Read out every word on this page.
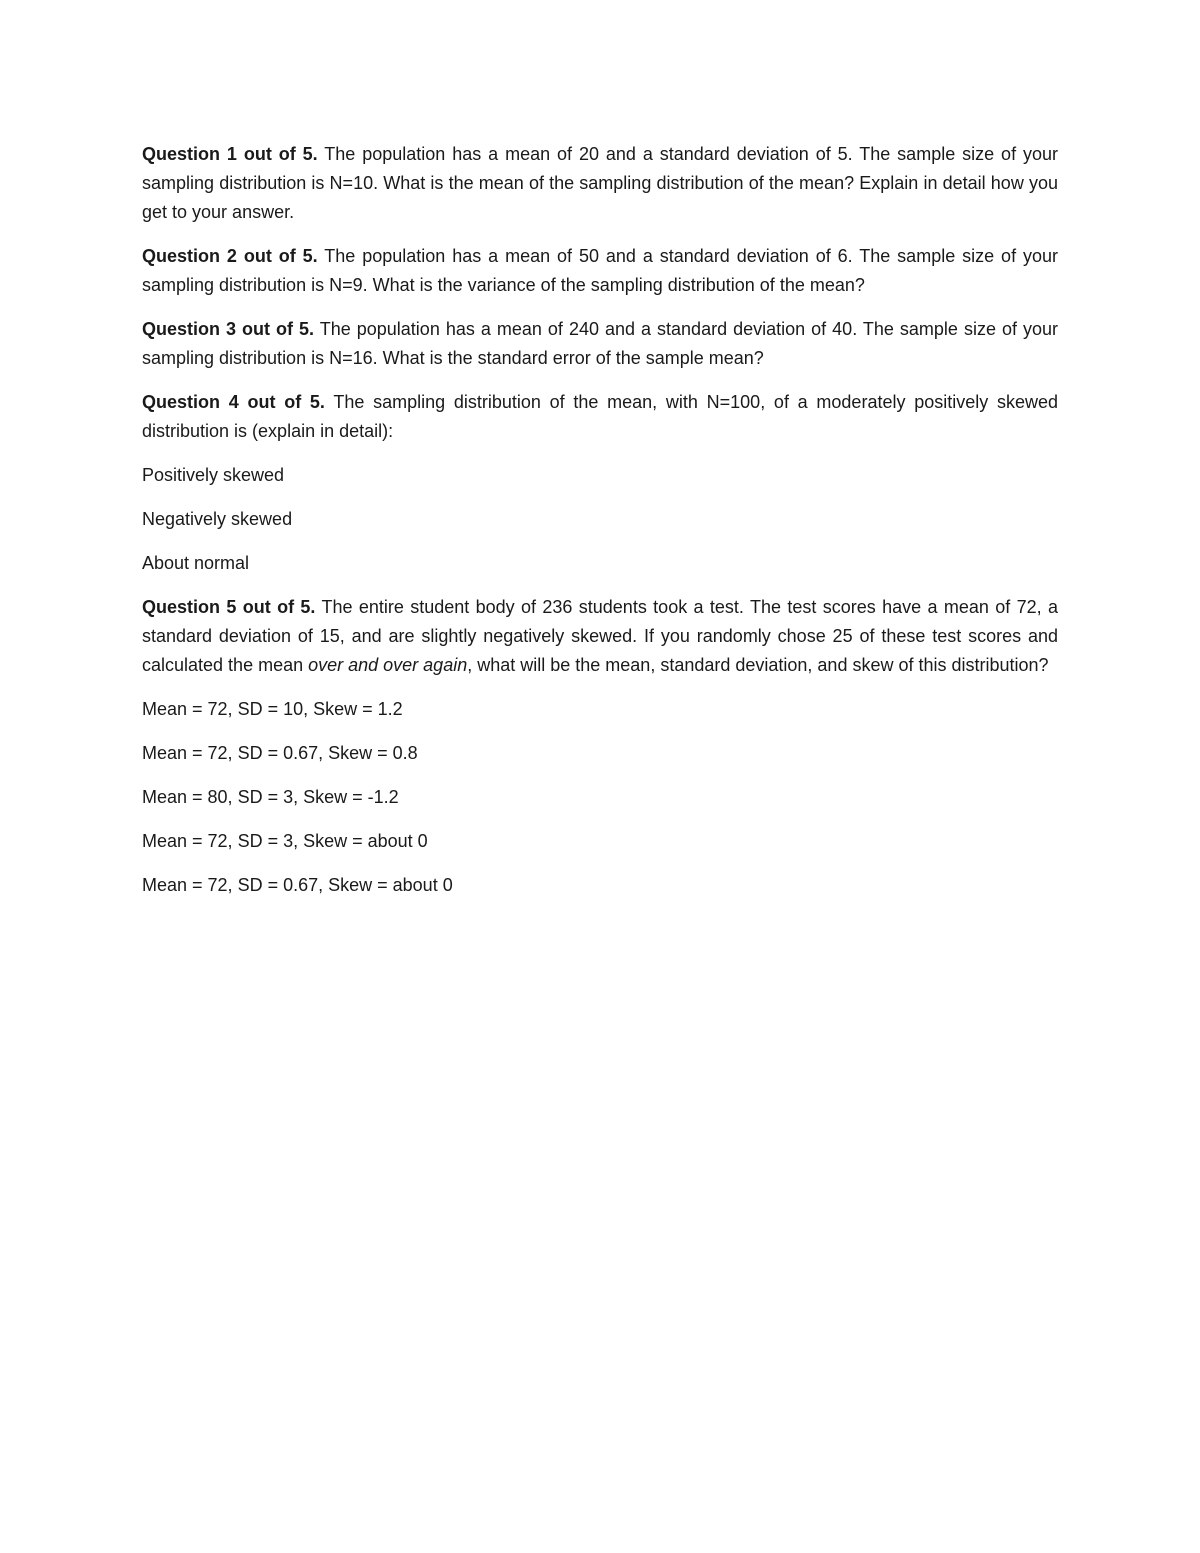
Question 1 out of 5. The population has a mean of 20 and a standard deviation of 5. The sample size of your sampling distribution is N=10. What is the mean of the sampling distribution of the mean? Explain in detail how you get to your answer.

Question 2 out of 5. The population has a mean of 50 and a standard deviation of 6. The sample size of your sampling distribution is N=9. What is the variance of the sampling distribution of the mean?

Question 3 out of 5. The population has a mean of 240 and a standard deviation of 40. The sample size of your sampling distribution is N=16. What is the standard error of the sample mean?

Question 4 out of 5. The sampling distribution of the mean, with N=100, of a moderately positively skewed distribution is (explain in detail):

Positively skewed

Negatively skewed

About normal

Question 5 out of 5. The entire student body of 236 students took a test. The test scores have a mean of 72, a standard deviation of 15, and are slightly negatively skewed. If you randomly chose 25 of these test scores and calculated the mean over and over again, what will be the mean, standard deviation, and skew of this distribution?

Mean = 72, SD = 10, Skew = 1.2

Mean = 72, SD = 0.67, Skew = 0.8

Mean = 80, SD = 3, Skew = -1.2

Mean = 72, SD = 3, Skew = about 0

Mean = 72, SD = 0.67, Skew = about 0
